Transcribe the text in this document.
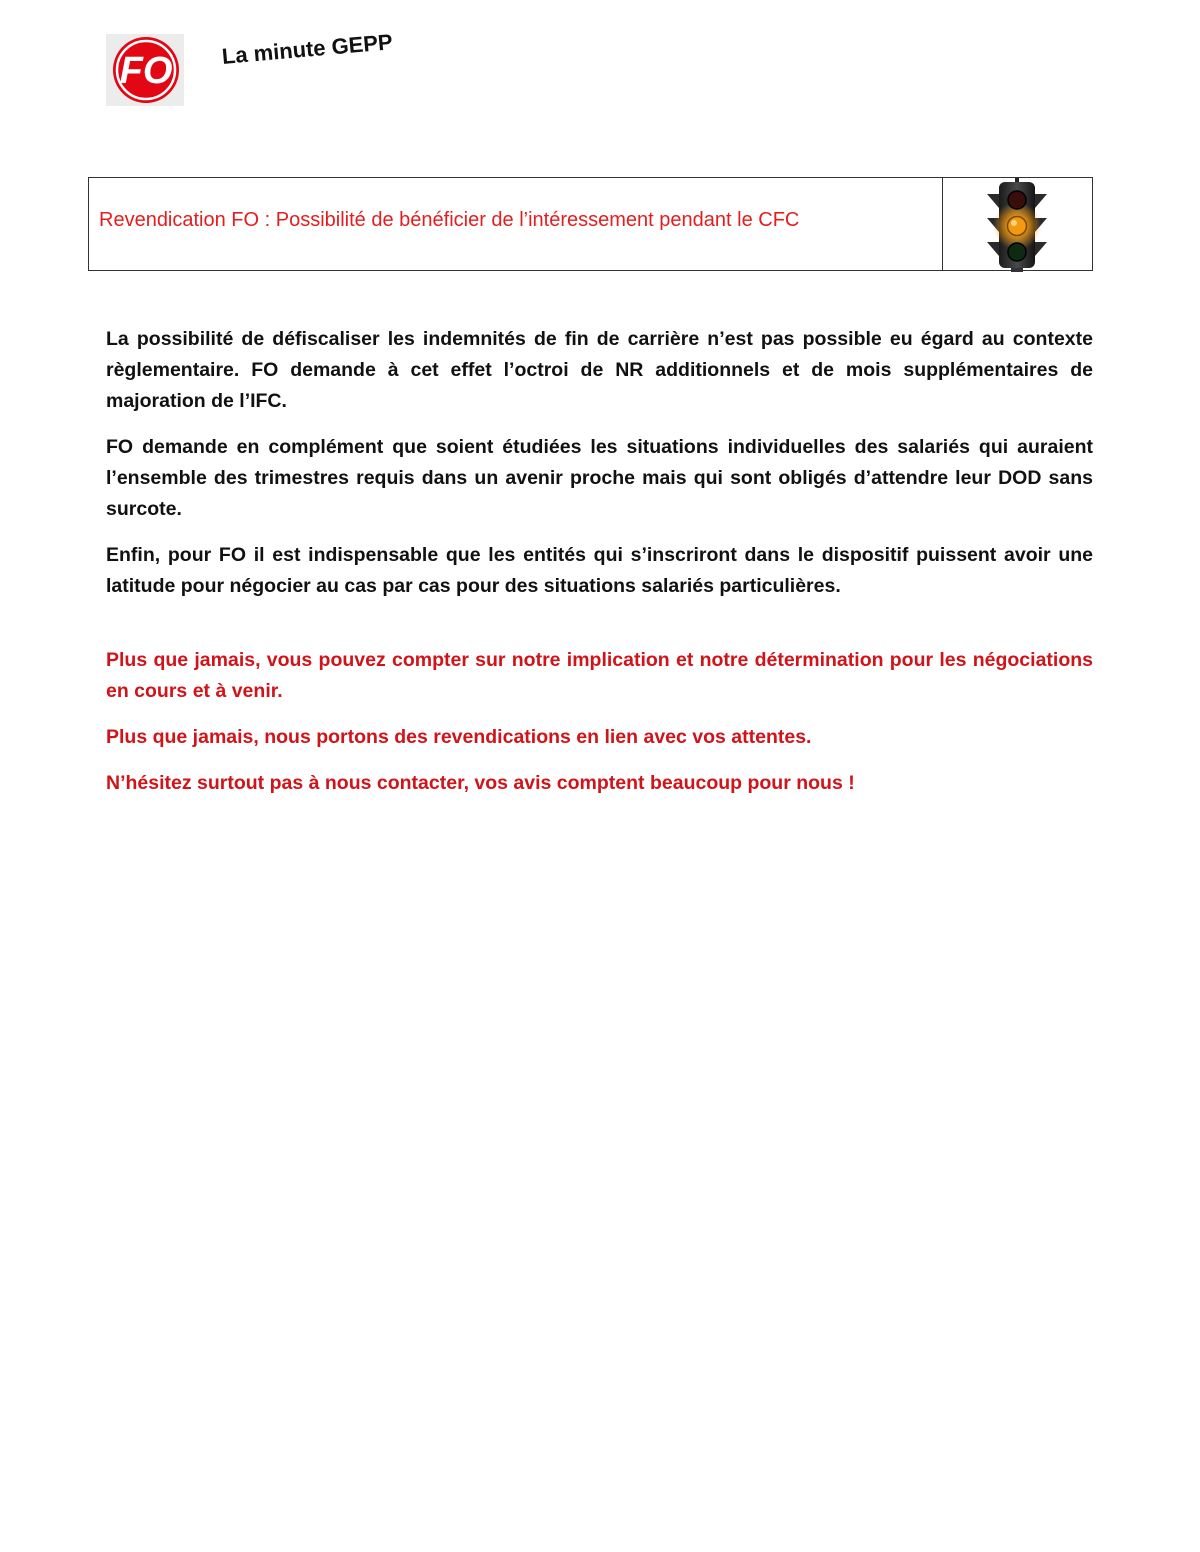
FO
La minute GEPP
Revendication FO : Possibilité de bénéficier de l’intéressement pendant le CFC

La possibilité de défiscaliser les indemnités de fin de carrière n’est pas possible eu égard au contexte règlementaire. FO demande à cet effet l’octroi de NR additionnels et de mois supplémentaires de majoration de l’IFC.

FO demande en complément que soient étudiées les situations individuelles des salariés qui auraient l’ensemble des trimestres requis dans un avenir proche mais qui sont obligés d’attendre leur DOD sans surcote.

Enfin, pour FO il est indispensable que les entités qui s’inscriront dans le dispositif puissent avoir une latitude pour négocier au cas par cas pour des situations salariés particulières.

Plus que jamais, vous pouvez compter sur notre implication et notre détermination pour les négociations en cours et à venir.

Plus que jamais, nous portons des revendications en lien avec vos attentes.

N’hésitez surtout pas à nous contacter, vos avis comptent beaucoup pour nous !
